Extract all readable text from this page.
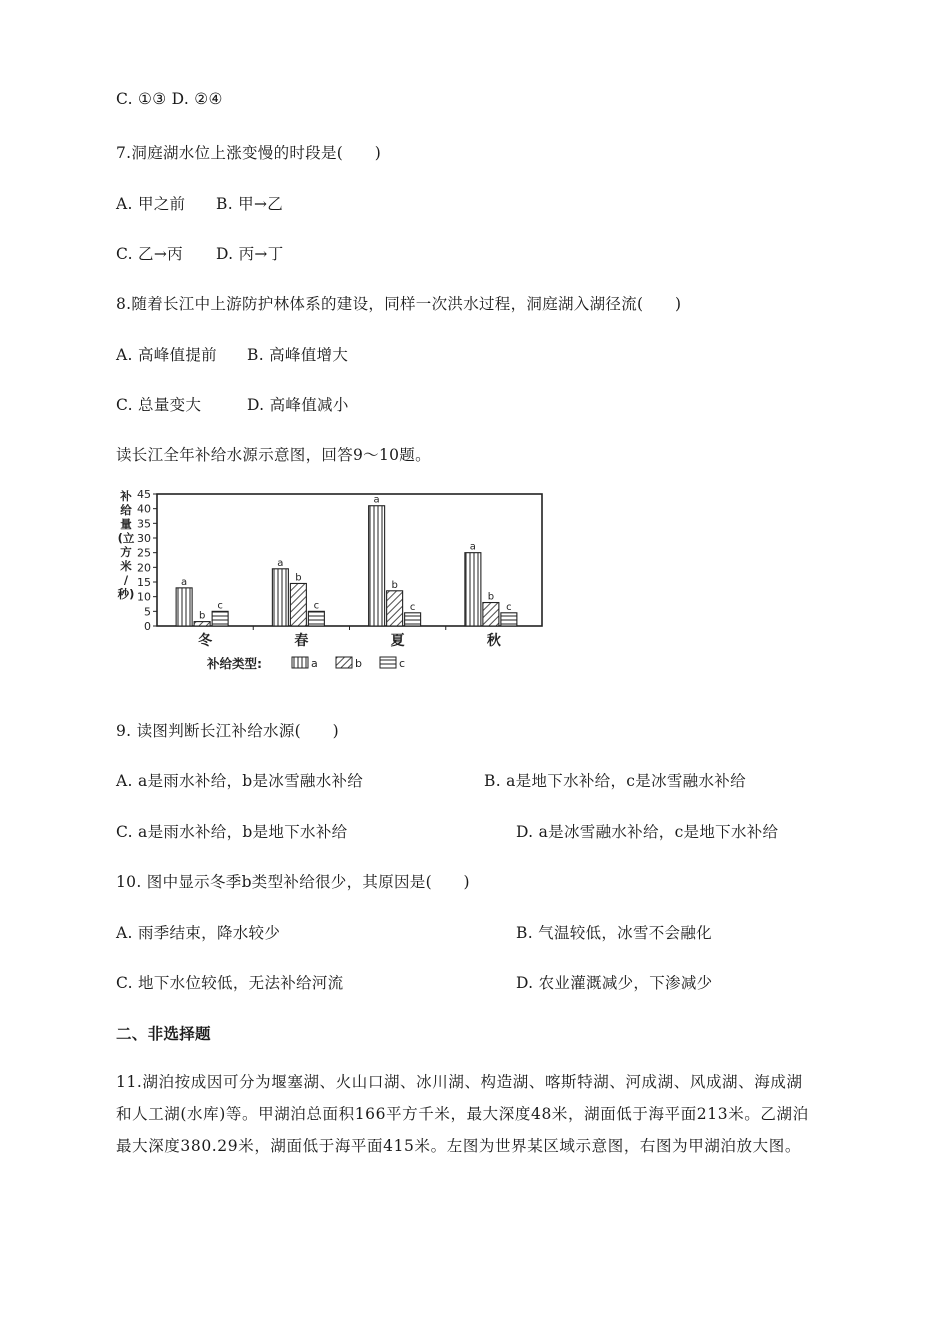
C. ①③ D. ②④
7.洞庭湖水位上涨变慢的时段是(　　)
A. 甲之前 B. 甲→乙
C. 乙→丙 D. 丙→丁
8.随着长江中上游防护林体系的建设，同样一次洪水过程，洞庭湖入湖径流(　　)
A. 高峰值提前 B. 高峰值增大
C. 总量变大	D. 高峰值减小
读长江全年补给水源示意图，回答9～10题。
补
给
量
(立
方
米
/
秒)
0
5
10
15
20
25
30
35
40
45
冬	春	夏	秋
a
b
c
a
b
c
a
b
c
a
b
c
补给类型:	a	b	c
9. 读图判断长江补给水源(　　)
A. a是雨水补给，b是冰雪融水补给	B. a是地下水补给，c是冰雪融水补给
C. a是雨水补给，b是地下水补给	D. a是冰雪融水补给，c是地下水补给
10. 图中显示冬季b类型补给很少，其原因是(　　)
A. 雨季结束，降水较少	B. 气温较低，冰雪不会融化
C. 地下水位较低，无法补给河流	D. 农业灌溉减少，下渗减少
二、非选择题
11.湖泊按成因可分为堰塞湖、火山口湖、冰川湖、构造湖、喀斯特湖、河成湖、风成湖、海成湖
和人工湖(水库)等。甲湖泊总面积166平方千米，最大深度48米，湖面低于海平面213米。乙湖泊
最大深度380.29米，湖面低于海平面415米。左图为世界某区域示意图，右图为甲湖泊放大图。
